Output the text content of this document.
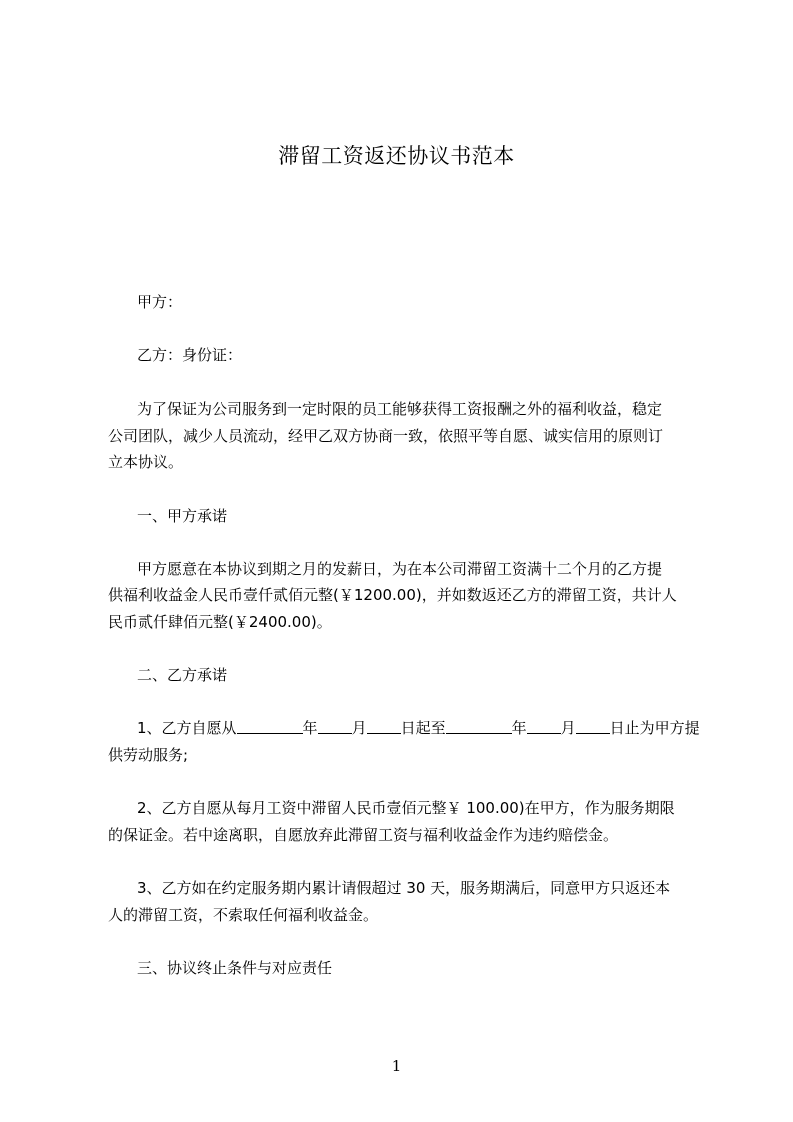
滞留工资返还协议书范本
甲方：
乙方：身份证：
为了保证为公司服务到一定时限的员工能够获得工资报酬之外的福利收益，稳定
公司团队，减少人员流动，经甲乙双方协商一致，依照平等自愿、诚实信用的原则订
立本协议。
一、甲方承诺
甲方愿意在本协议到期之月的发薪日，为在本公司滞留工资满十二个月的乙方提
供福利收益金人民币壹仟贰佰元整(￥1200.00)，并如数返还乙方的滞留工资，共计人
民币贰仟肆佰元整(￥2400.00)。
二、乙方承诺
1、乙方自愿从	年 月 日起至	年 月 日止为甲方提
供劳动服务;
2、乙方自愿从每月工资中滞留人民币壹佰元整￥ 100.00)在甲方，作为服务期限
的保证金。若中途离职，自愿放弃此滞留工资与福利收益金作为违约赔偿金。
3、乙方如在约定服务期内累计请假超过 30 天，服务期满后，同意甲方只返还本
人的滞留工资，不索取任何福利收益金。
三、协议终止条件与对应责任
1
